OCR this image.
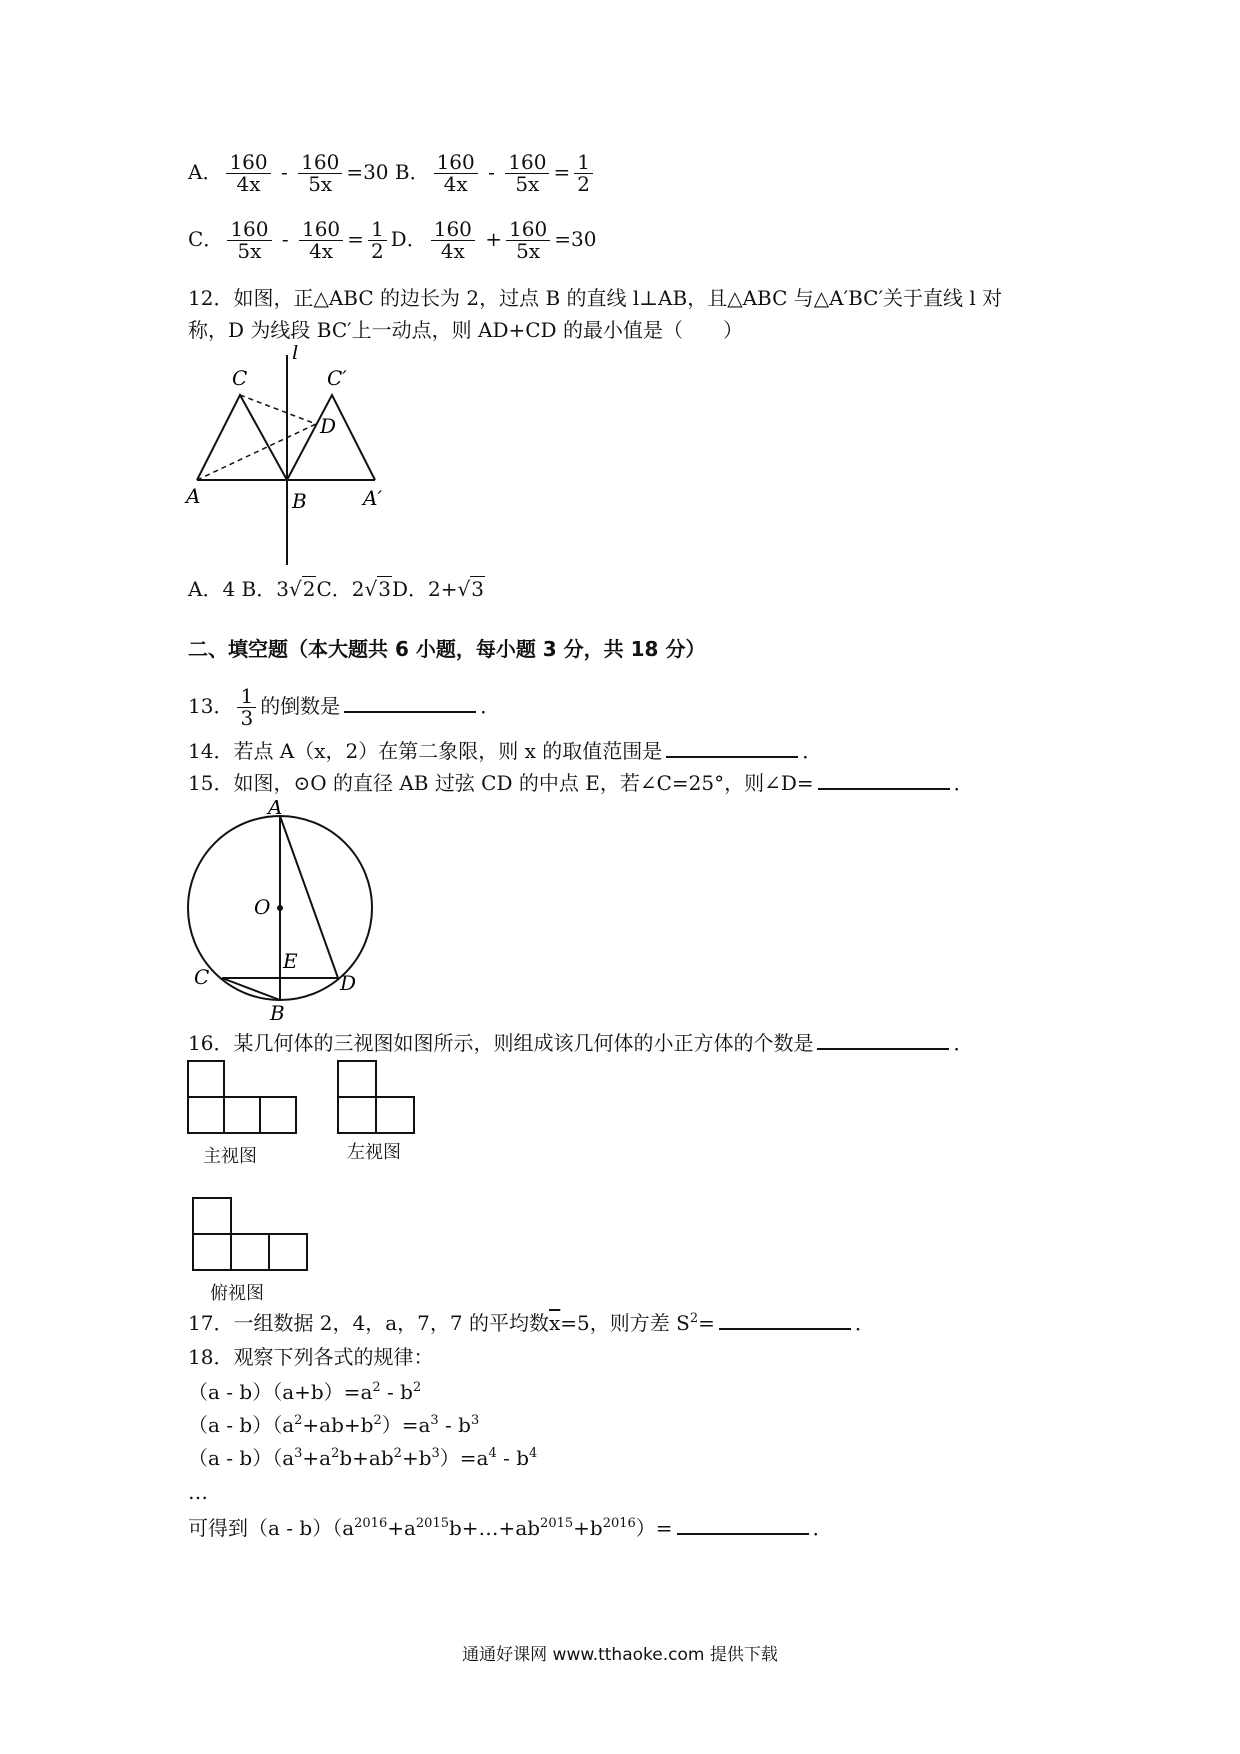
A． $\frac{160}{4x} - \frac{160}{5x} =30$ B． $\frac{160}{4x} - \frac{160}{5x} = \frac{1}{2}$
C． $\frac{160}{5x} - \frac{160}{4x} = \frac{1}{2}$ D． $\frac{160}{4x} + \frac{160}{5x} =30$
12．如图，正△ABC 的边长为 2，过点 B 的直线 l⊥AB，且△ABC 与△A′BC′关于直线 l 对
称，D 为线段 BC′上一动点，则 AD+CD 的最小值是（　　）
l
C	C′
D
A	B	A′
A．4 B．3√2C．2√3D．2+√3
二、填空题（本大题共 6 小题，每小题 3 分，共 18 分）
13． $\frac{1}{3}$ 的倒数是	．
14．若点 A（x，2）在第二象限，则 x 的取值范围是	．
15．如图，⊙O 的直径 AB 过弦 CD 的中点 E，若∠C=25°，则∠D=	．
A
O
E
C	D
B
16．某几何体的三视图如图所示，则组成该几何体的小正方体的个数是	．
主视图	左视图
俯视图
17．一组数据 2，4，a，7，7 的平均数$\overline{x}=5$，则方差 $S^2=$	．
18．观察下列各式的规律：
$(a - b)(a+b)=a^2 - b^2$
$(a - b)(a^2+ab+b^2)=a^3 - b^3$
$(a - b)(a^3+a^2b+ab^2+b^3)=a^4 - b^4$
…
可得到$(a - b)(a^{2016}+a^{2015}b+\dots+ab^{2015}+b^{2016})=$	．
通通好课网 www.tthaoke.com 提供下载
